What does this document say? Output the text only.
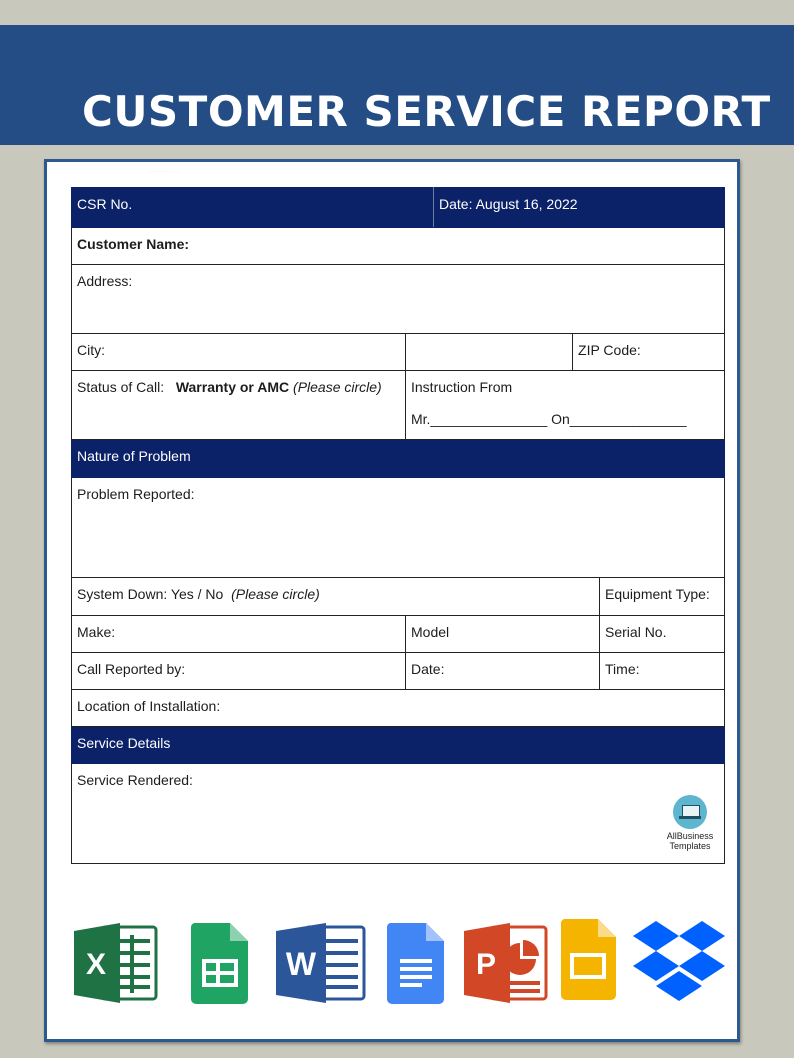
CUSTOMER SERVICE REPORT
............
CSR No.		Date: August 16, 2022		
Customer Name:				
Address:				
City:			ZIP Code:	
Status of Call: Warranty or AMC (Please circle)	Instruction From
Mr._______________ On_______________			

Nature of Problem				
Problem Reported:				
System Down: Yes / No (Please circle)				Equipment Type:
Make:	Model			Serial No.
Call Reported by:	Date:			Time:
Location of Installation:				
Service Details				
Service Rendered:				
AllBusiness
Templates
X	W	P
